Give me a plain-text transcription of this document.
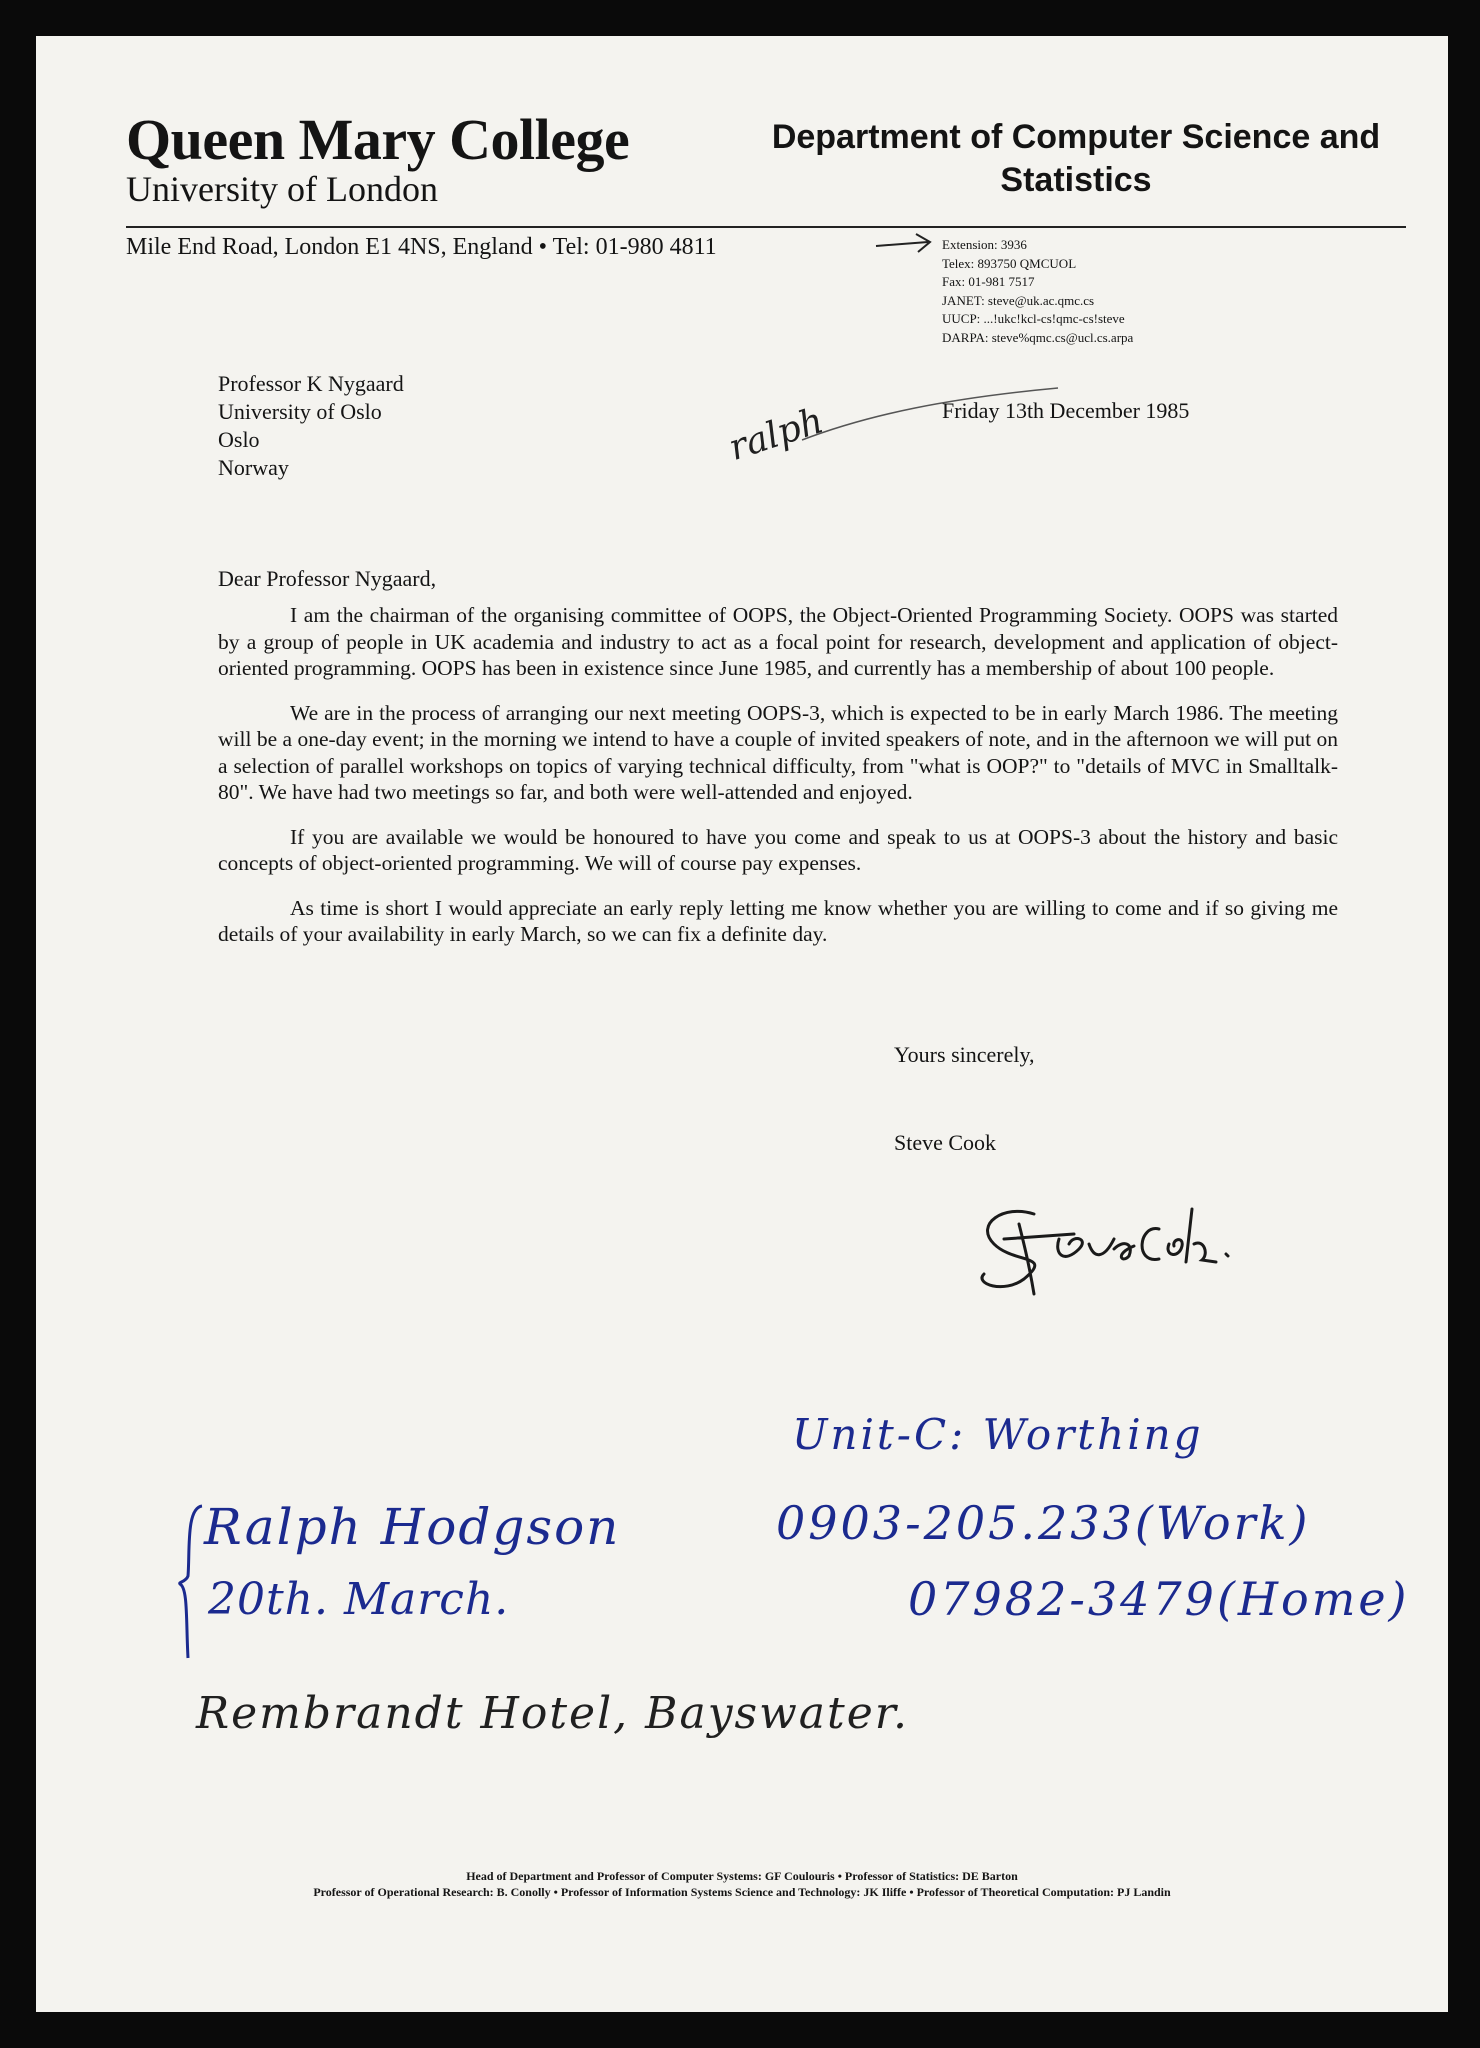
Queen Mary College
University of London
Department of Computer Science and Statistics
Mile End Road, London E1 4NS, England • Tel: 01-980 4811	Extension: 3936
Telex: 893750 QMCUOL
Fax: 01-981 7517
JANET: steve@uk.ac.qmc.cs
UUCP: ...!ukc!kcl-cs!qmc-cs!steve
DARPA: steve%qmc.cs@ucl.cs.arpa
Professor K Nygaard
University of Oslo
Oslo
Norway
Friday 13th December 1985
ralph
Dear Professor Nygaard,

I am the chairman of the organising committee of OOPS, the Object-Oriented Programming Society. OOPS was started by a group of people in UK academia and industry to act as a focal point for research, development and application of object-oriented programming. OOPS has been in existence since June 1985, and currently has a membership of about 100 people.

We are in the process of arranging our next meeting OOPS-3, which is expected to be in early March 1986. The meeting will be a one-day event; in the morning we intend to have a couple of invited speakers of note, and in the afternoon we will put on a selection of parallel workshops on topics of varying technical difficulty, from "what is OOP?" to "details of MVC in Smalltalk-80". We have had two meetings so far, and both were well-attended and enjoyed.

If you are available we would be honoured to have you come and speak to us at OOPS-3 about the history and basic concepts of object-oriented programming. We will of course pay expenses.

As time is short I would appreciate an early reply letting me know whether you are willing to come and if so giving me details of your availability in early March, so we can fix a definite day.

Yours sincerely,
Steve Cook
Unit-C: Worthing
Ralph Hodgson	0903-205.233(Work)
20th. March.	07982-3479(Home)
Rembrandt Hotel, Bayswater.
Head of Department and Professor of Computer Systems: GF Coulouris • Professor of Statistics: DE Barton
Professor of Operational Research: B. Conolly • Professor of Information Systems Science and Technology: JK Iliffe • Professor of Theoretical Computation: PJ Landin
